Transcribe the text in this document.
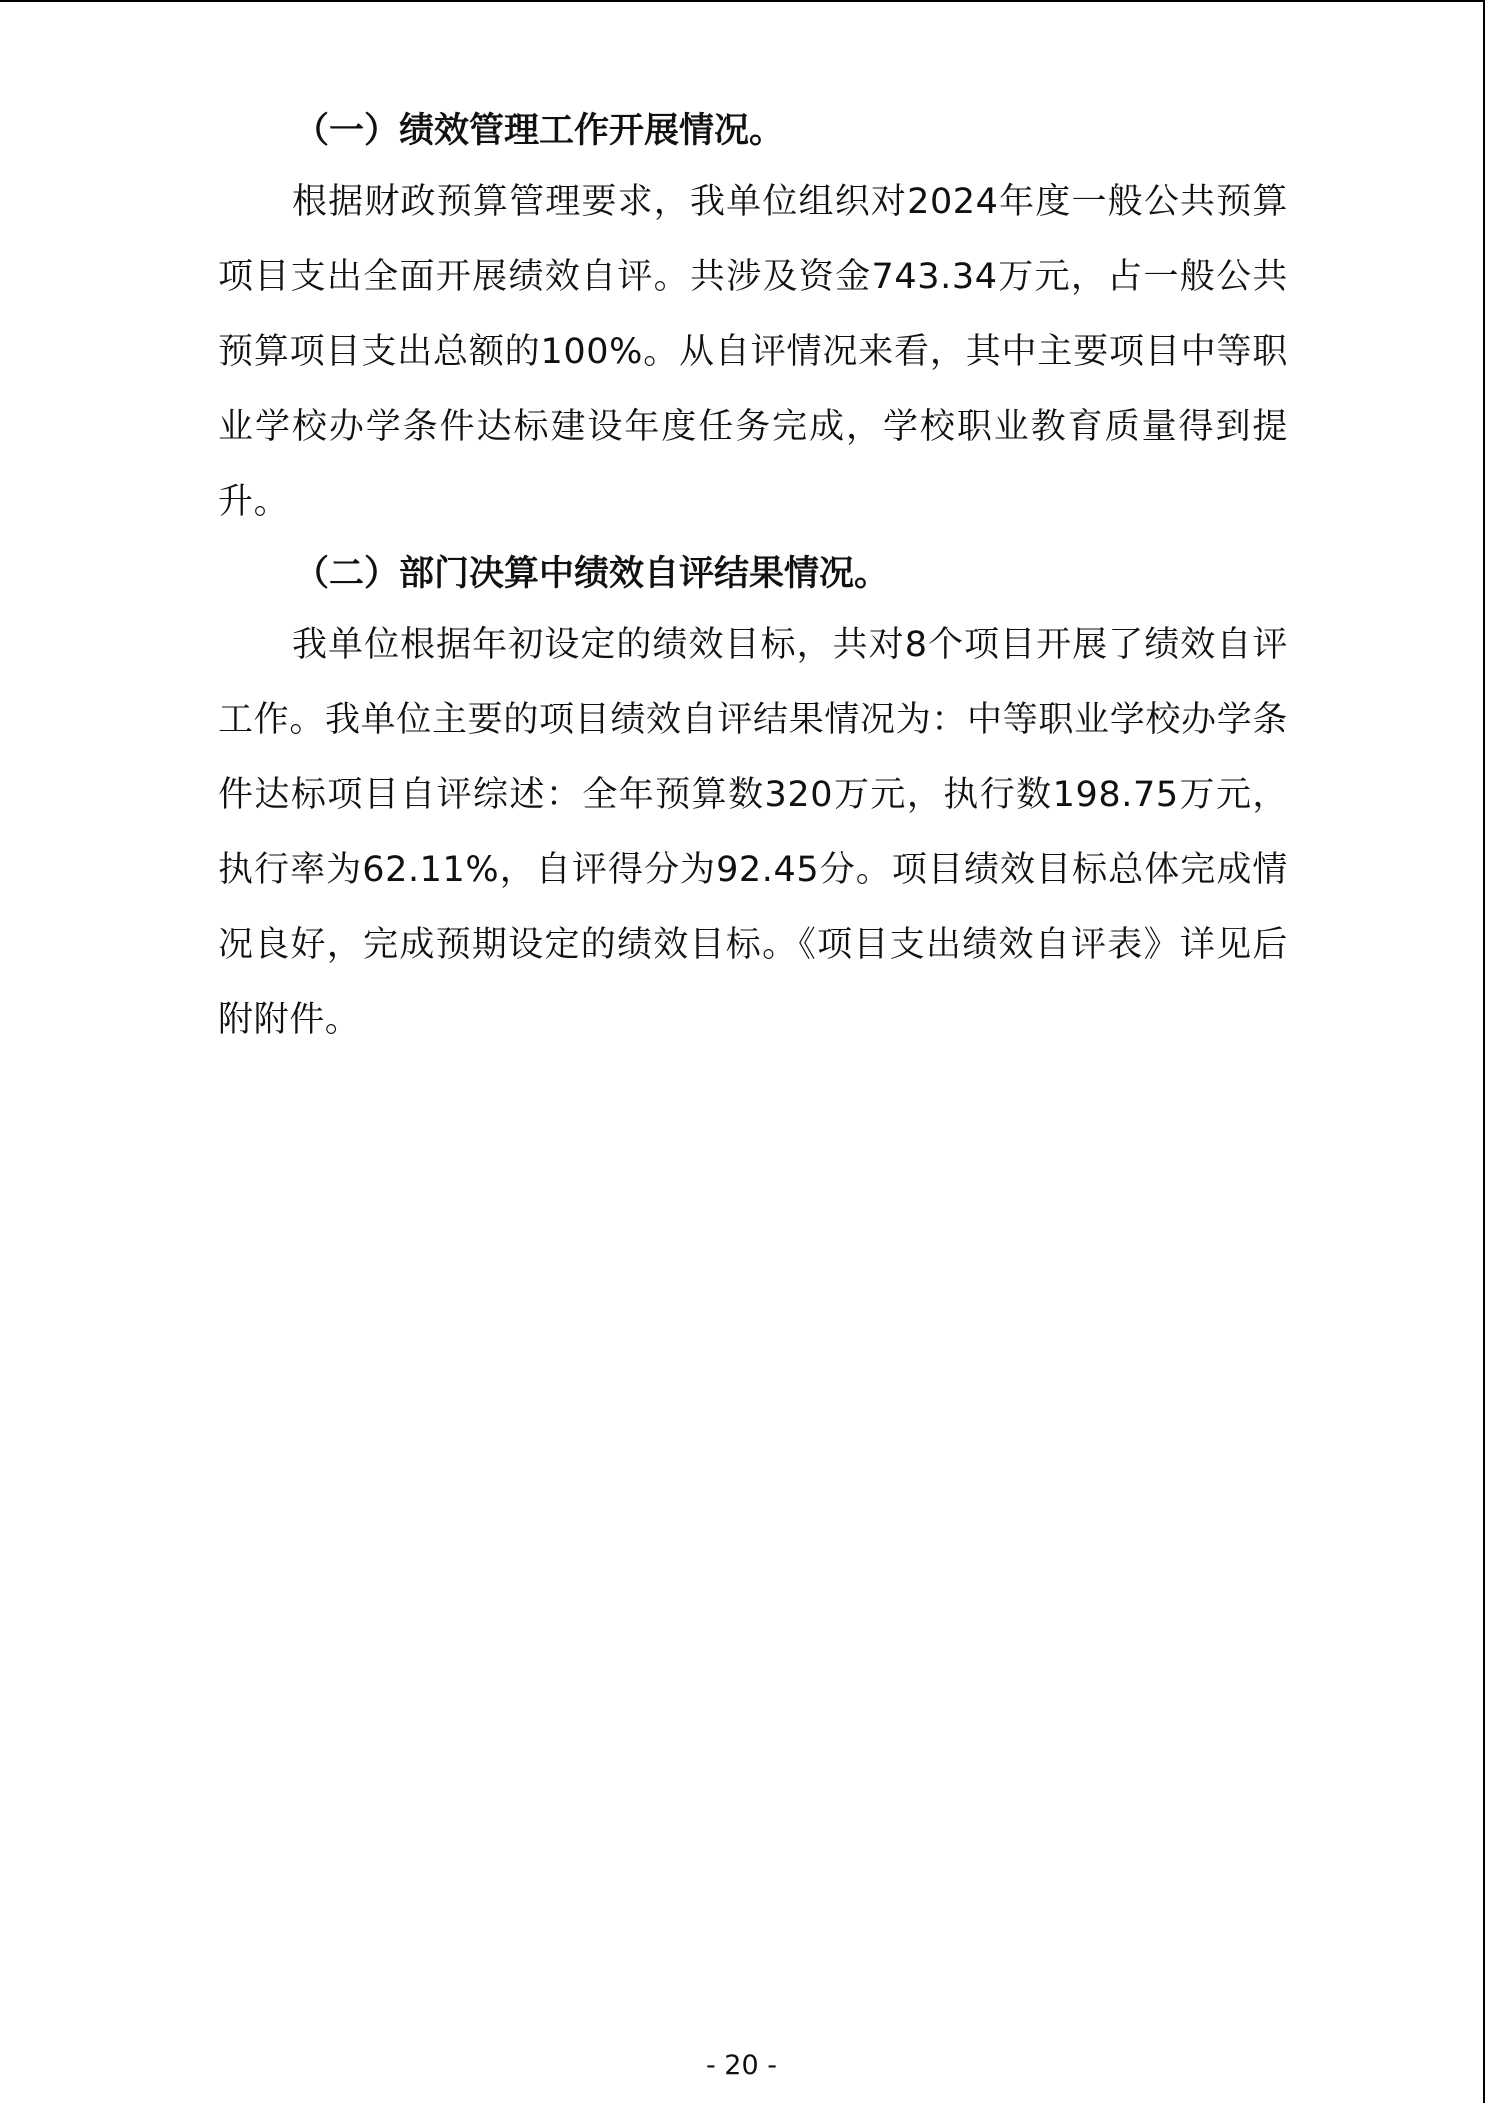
（一）绩效管理工作开展情况。

根据财政预算管理要求，我单位组织对2024年度一般公共预算项目支出全面开展绩效自评。共涉及资金743.34万元，占一般公共预算项目支出总额的100%。从自评情况来看，其中主要项目中等职业学校办学条件达标建设年度任务完成，学校职业教育质量得到提升。

（二）部门决算中绩效自评结果情况。

我单位根据年初设定的绩效目标，共对8个项目开展了绩效自评工作。我单位主要的项目绩效自评结果情况为：中等职业学校办学条件达标项目自评综述：全年预算数320万元，执行数198.75万元，执行率为62.11%，自评得分为92.45分。项目绩效目标总体完成情况良好，完成预期设定的绩效目标。《项目支出绩效自评表》详见后附附件。

- 20 -
